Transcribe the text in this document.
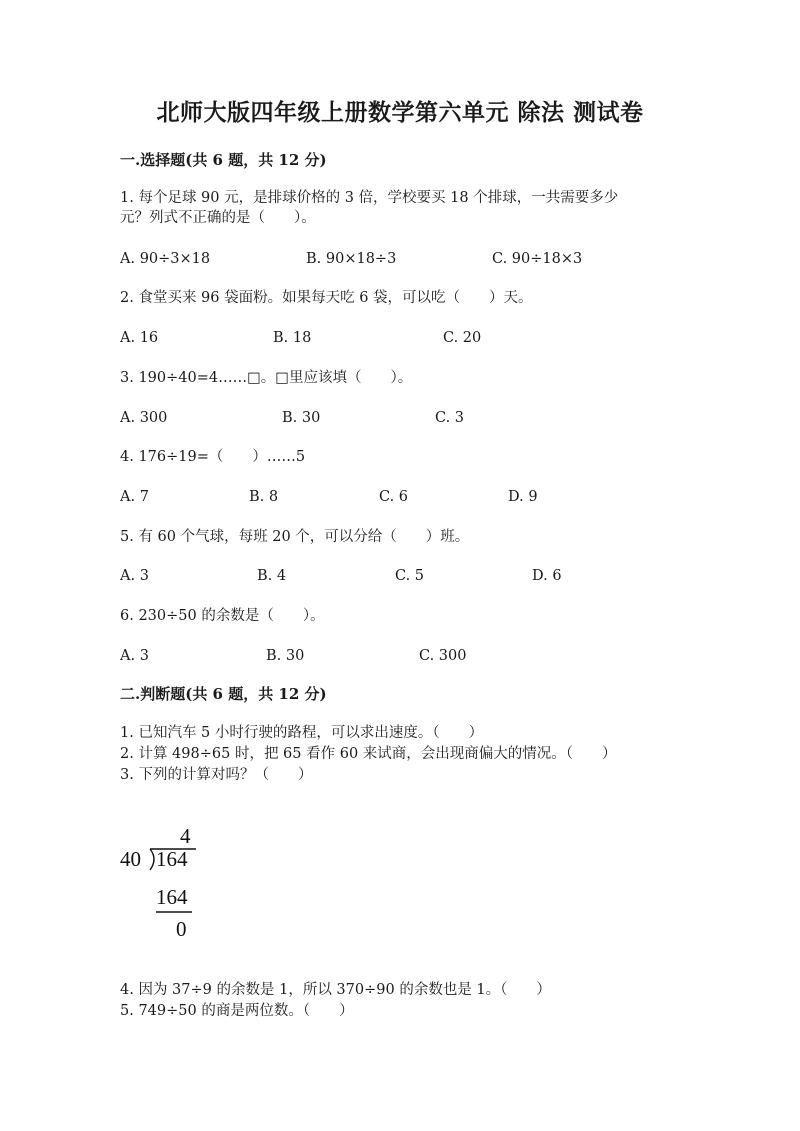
北师大版四年级上册数学第六单元 除法 测试卷
一.选择题(共 6 题，共 12 分)
1. 每个足球 90 元，是排球价格的 3 倍，学校要买 18 个排球，一共需要多少
元？列式不正确的是（　　）。
A. 90÷3×18	B. 90×18÷3	C. 90÷18×3
2. 食堂买来 96 袋面粉。如果每天吃 6 袋，可以吃（　　）天。
A. 16	B. 18	C. 20
3. 190÷40=4……□。□里应该填（　　）。
A. 300	B. 30	C. 3
4. 176÷19=（　　）……5
A. 7	B. 8	C. 6	D. 9
5. 有 60 个气球，每班 20 个，可以分给（　　）班。
A. 3	B. 4	C. 5	D. 6
6. 230÷50 的余数是（　　）。
A. 3	B. 30	C. 300
二.判断题(共 6 题，共 12 分)
1. 已知汽车 5 小时行驶的路程，可以求出速度。（　　）
2. 计算 498÷65 时，把 65 看作 60 来试商，会出现商偏大的情况。（　　）
3. 下列的计算对吗？（　　）
4
40 164
164
0
4. 因为 37÷9 的余数是 1，所以 370÷90 的余数也是 1。（　　）
5. 749÷50 的商是两位数。（　　）
